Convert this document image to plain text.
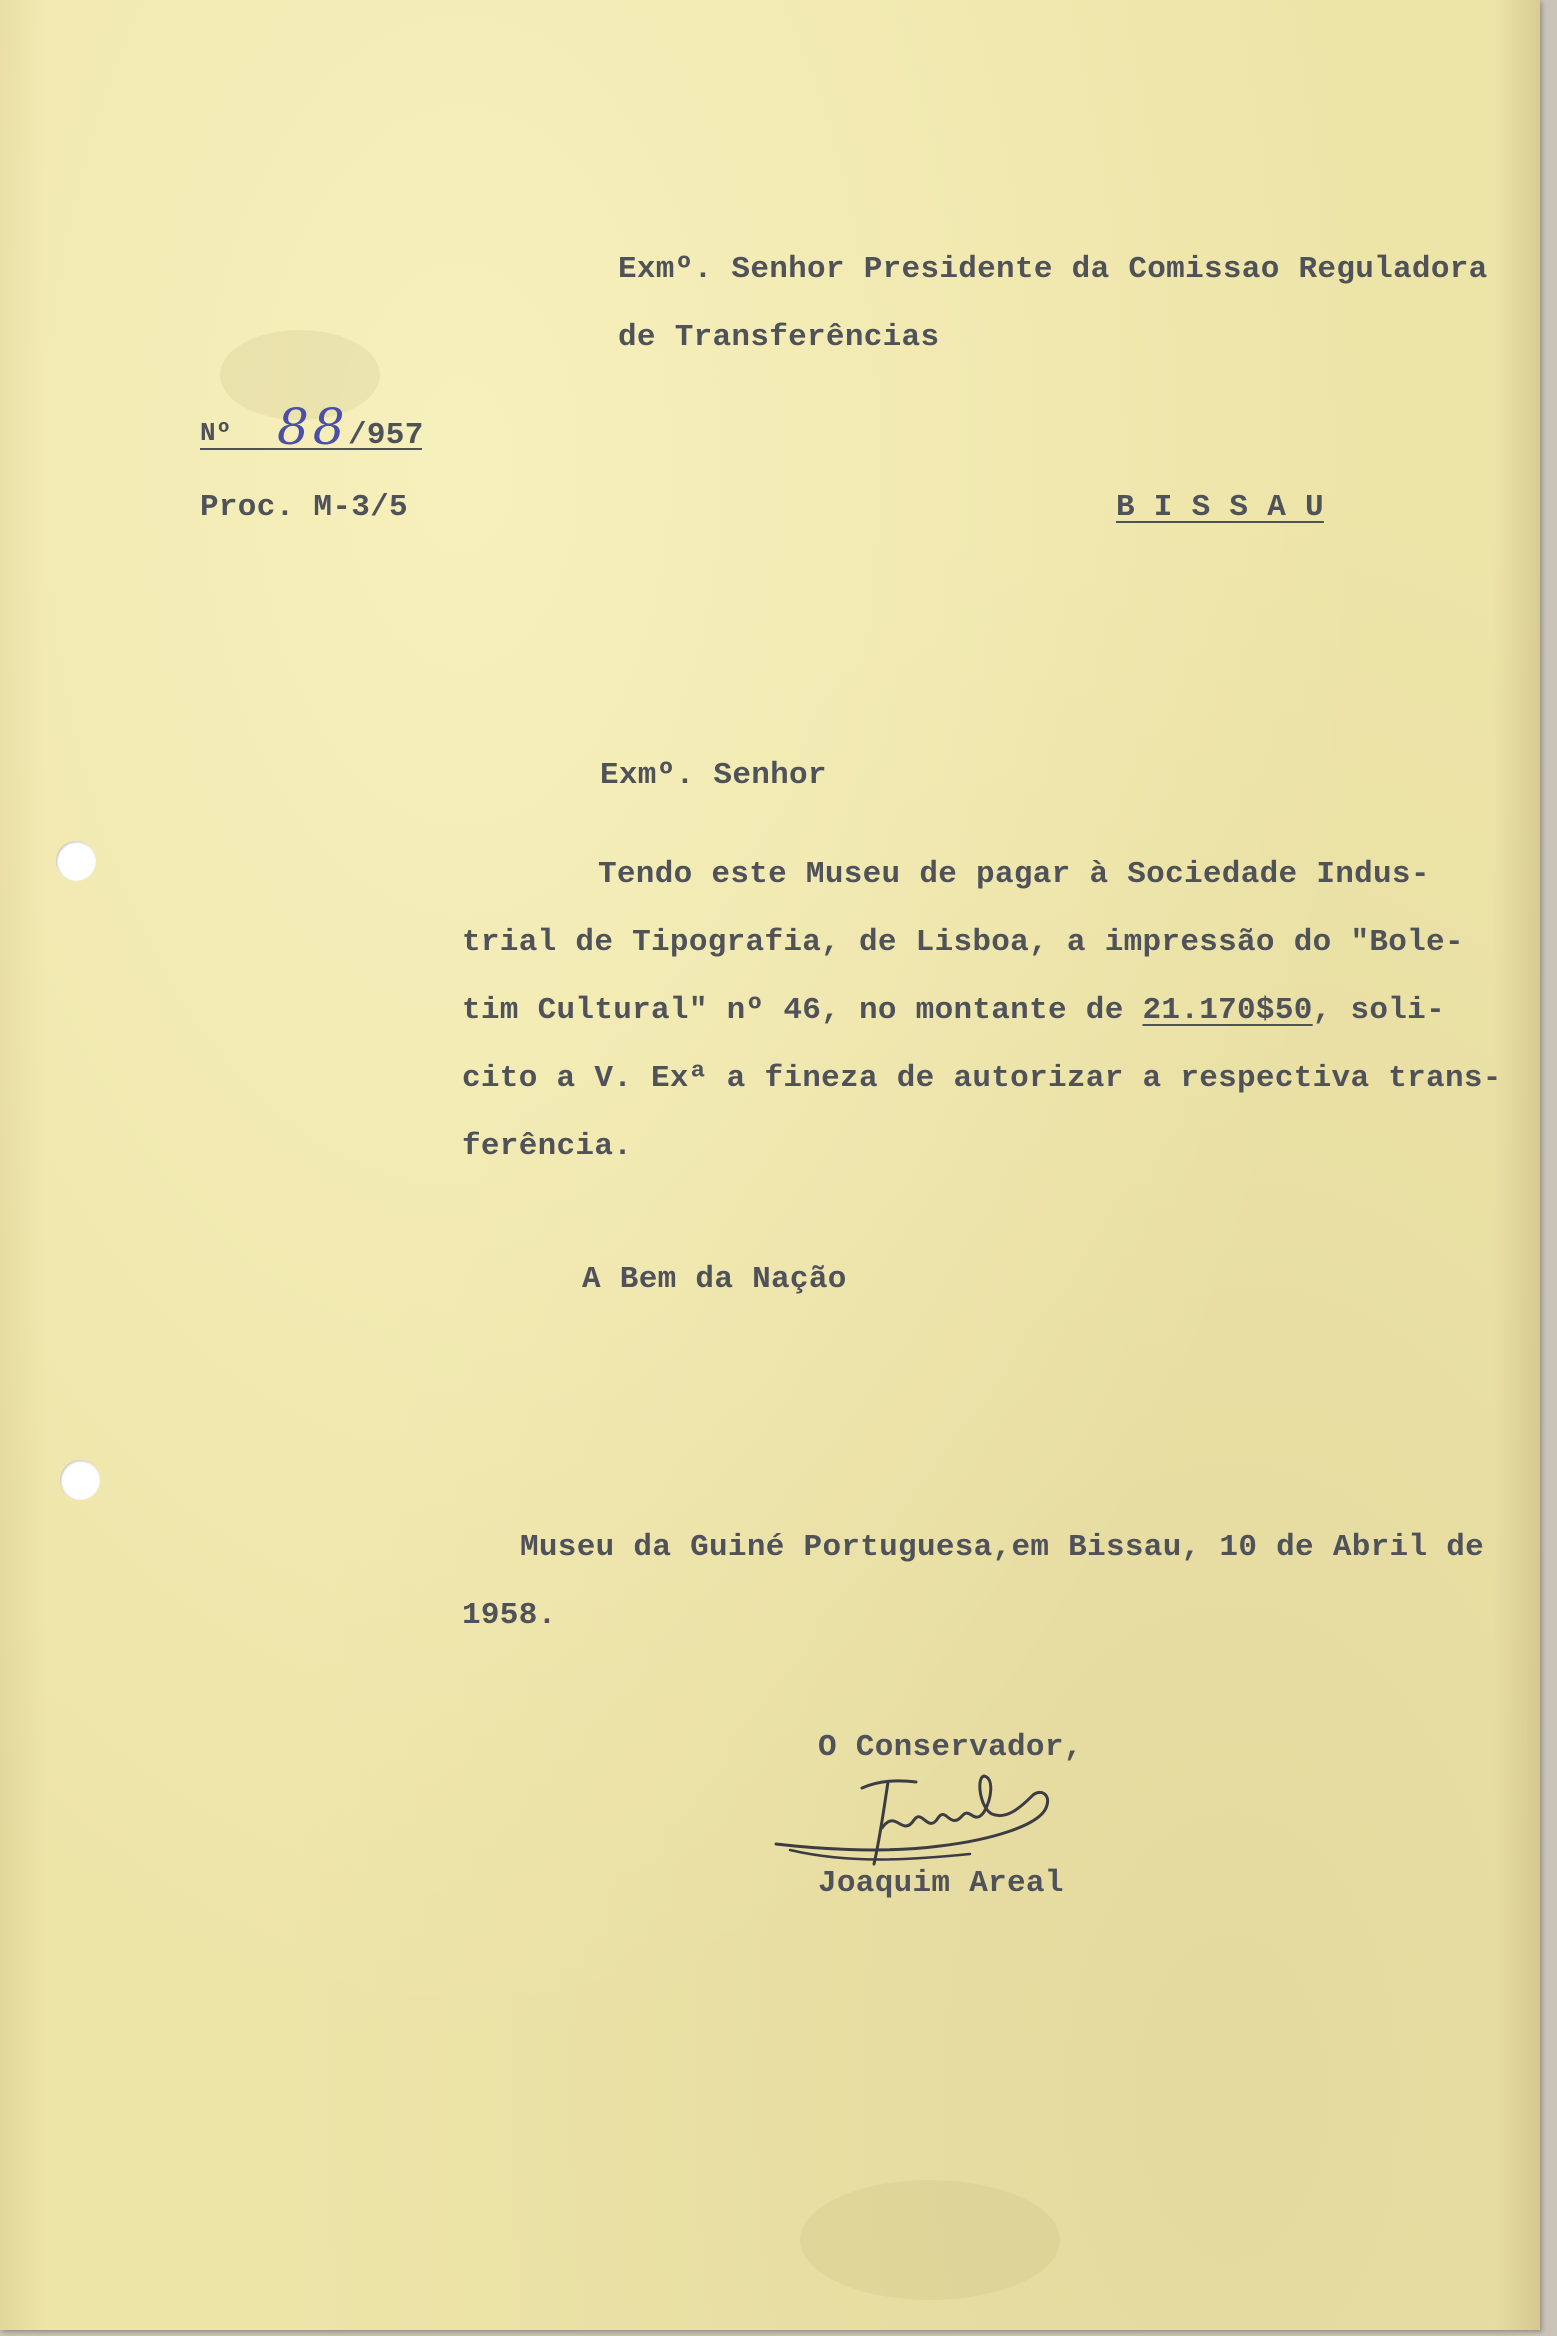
Exmº. Senhor Presidente da Comissao Reguladora
de Transferências
Nº 88 /957
Proc. M-3/5	B I S S A U
Exmº. Senhor
Tendo este Museu de pagar à Sociedade Indus-
trial de Tipografia, de Lisboa, a impressão do "Bole-
tim Cultural" nº 46, no montante de 21.170$50, soli-
cito a V. Exª a fineza de autorizar a respectiva trans-
ferência.
A Bem da Nação
Museu da Guiné Portuguesa,em Bissau, 10 de Abril de
1958.
O Conservador,
Joaquim Areal
